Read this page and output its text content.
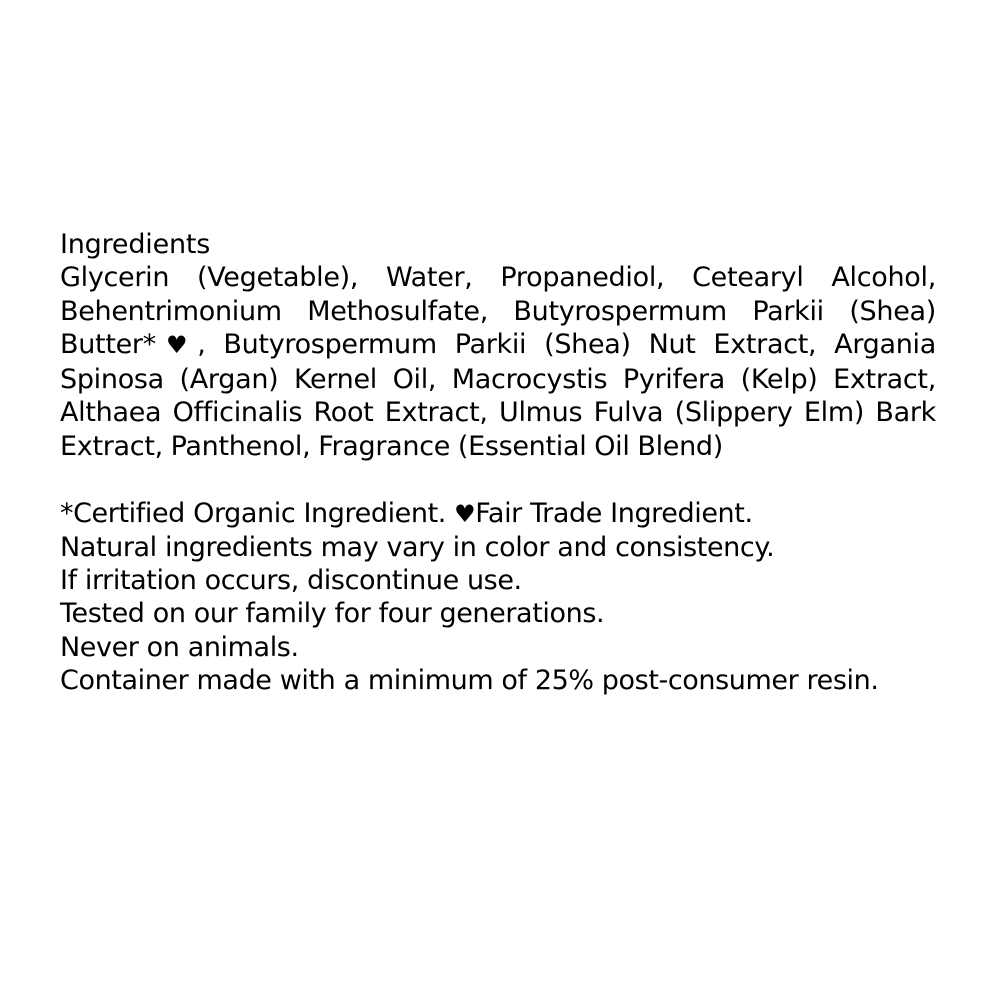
Ingredients

Glycerin (Vegetable), Water, Propanediol, Cetearyl Alcohol, Behentrimonium Methosulfate, Butyrospermum Parkii (Shea) Butter*♥, Butyrospermum Parkii (Shea) Nut Extract, Argania Spinosa (Argan) Kernel Oil, Macrocystis Pyrifera (Kelp) Extract, Althaea Officinalis Root Extract, Ulmus Fulva (Slippery Elm) Bark Extract, Panthenol, Fragrance (Essential Oil Blend)

*Certified Organic Ingredient. ♥Fair Trade Ingredient.

Natural ingredients may vary in color and consistency.

If irritation occurs, discontinue use.

Tested on our family for four generations.

Never on animals.

Container made with a minimum of 25% post-consumer resin.
